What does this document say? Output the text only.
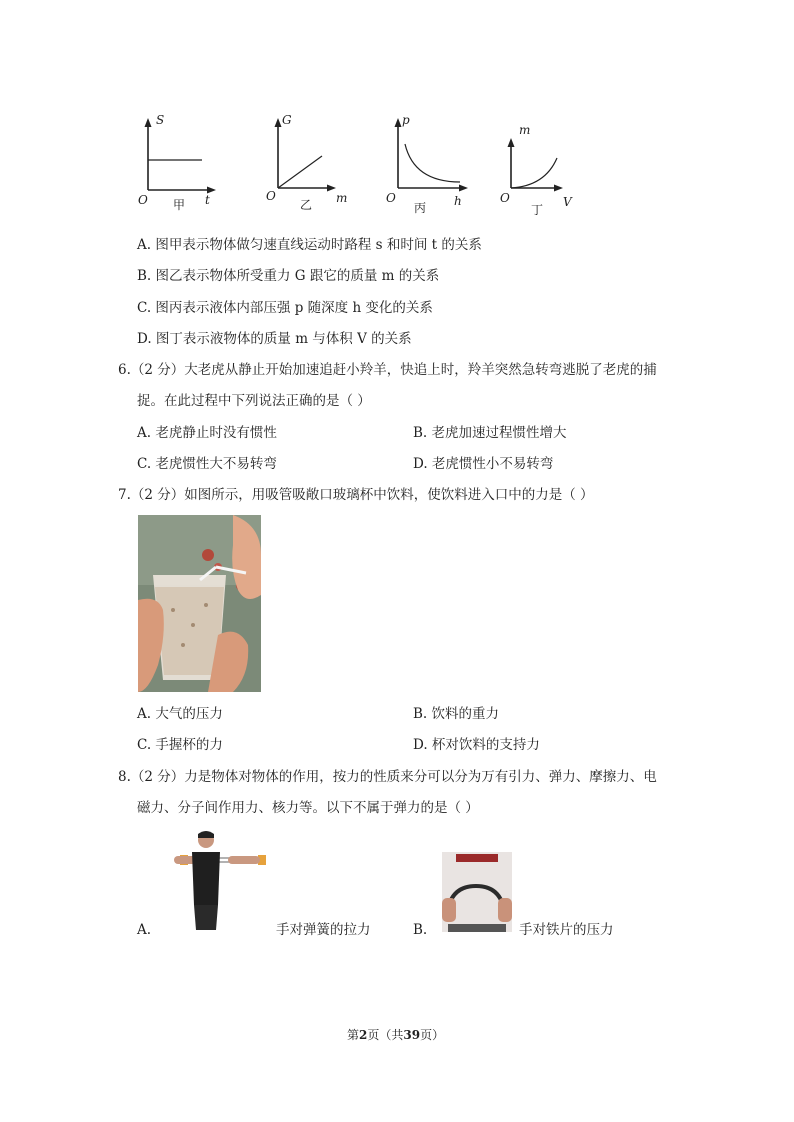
S
O 甲 t
G
O
乙 m
p
O
丙 h
m
O
丁
V
A. 图甲表示物体做匀速直线运动时路程 s 和时间 t 的关系
B. 图乙表示物体所受重力 G 跟它的质量 m 的关系
C. 图丙表示液体内部压强 p 随深度 h 变化的关系
D. 图丁表示液物体的质量 m 与体积 V 的关系
6.（2 分）大老虎从静止开始加速追赶小羚羊，快追上时，羚羊突然急转弯逃脱了老虎的捕
捉。在此过程中下列说法正确的是（ ）
A. 老虎静止时没有惯性	B. 老虎加速过程惯性增大
C. 老虎惯性大不易转弯	D. 老虎惯性小不易转弯
7.（2 分）如图所示，用吸管吸敞口玻璃杯中饮料，使饮料进入口中的力是（ ）
A. 大气的压力	B. 饮料的重力
C. 手握杯的力	D. 杯对饮料的支持力
8.（2 分）力是物体对物体的作用，按力的性质来分可以分为万有引力、弹力、摩擦力、电
磁力、分子间作用力、核力等。以下不属于弹力的是（ ）
A.	手对弹簧的拉力	B.	手对铁片的压力
第2页（共39页）
